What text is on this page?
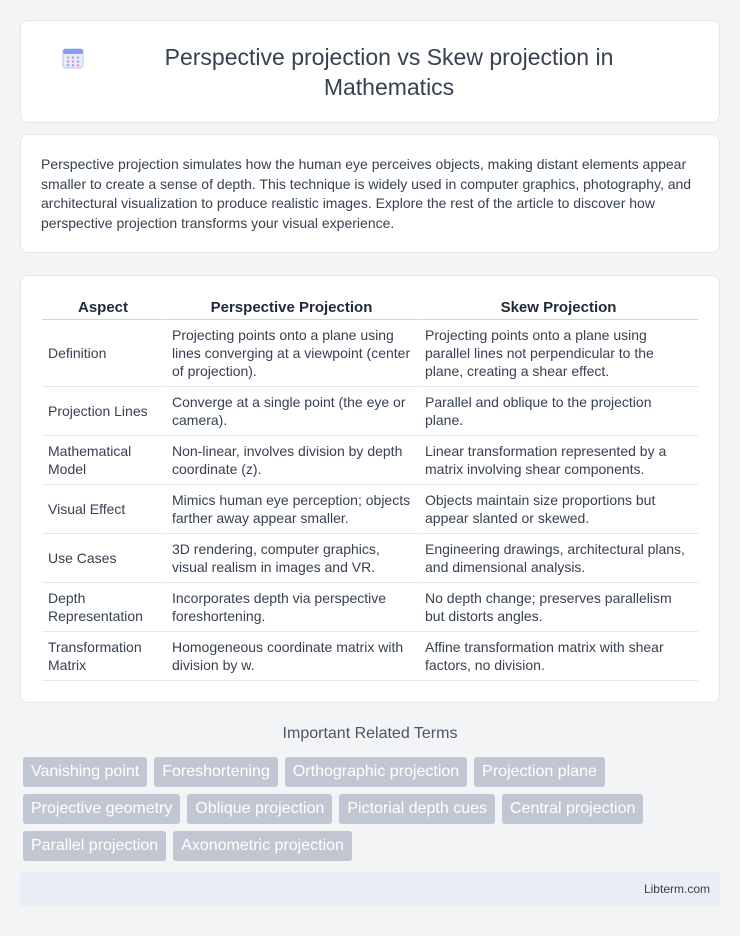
Perspective projection vs Skew projection in Mathematics

Perspective projection simulates how the human eye perceives objects, making distant elements appear smaller to create a sense of depth. This technique is widely used in computer graphics, photography, and architectural visualization to produce realistic images. Explore the rest of the article to discover how perspective projection transforms your visual experience.

Aspect	Perspective Projection	Skew Projection
Definition	Projecting points onto a plane using lines converging at a viewpoint (center of projection).	Projecting points onto a plane using parallel lines not perpendicular to the plane, creating a shear effect.
Projection Lines	Converge at a single point (the eye or camera).	Parallel and oblique to the projection plane.
Mathematical Model	Non-linear, involves division by depth coordinate (z).	Linear transformation represented by a matrix involving shear components.
Visual Effect	Mimics human eye perception; objects farther away appear smaller.	Objects maintain size proportions but appear slanted or skewed.
Use Cases	3D rendering, computer graphics, visual realism in images and VR.	Engineering drawings, architectural plans, and dimensional analysis.
Depth Representation	Incorporates depth via perspective foreshortening.	No depth change; preserves parallelism but distorts angles.
Transformation Matrix	Homogeneous coordinate matrix with division by w.	Affine transformation matrix with shear factors, no division.
Important Related Terms
Vanishing point	Foreshortening	Orthographic projection	Projection plane
Projective geometry	Oblique projection	Pictorial depth cues	Central projection
Parallel projection	Axonometric projection
Libterm.com
